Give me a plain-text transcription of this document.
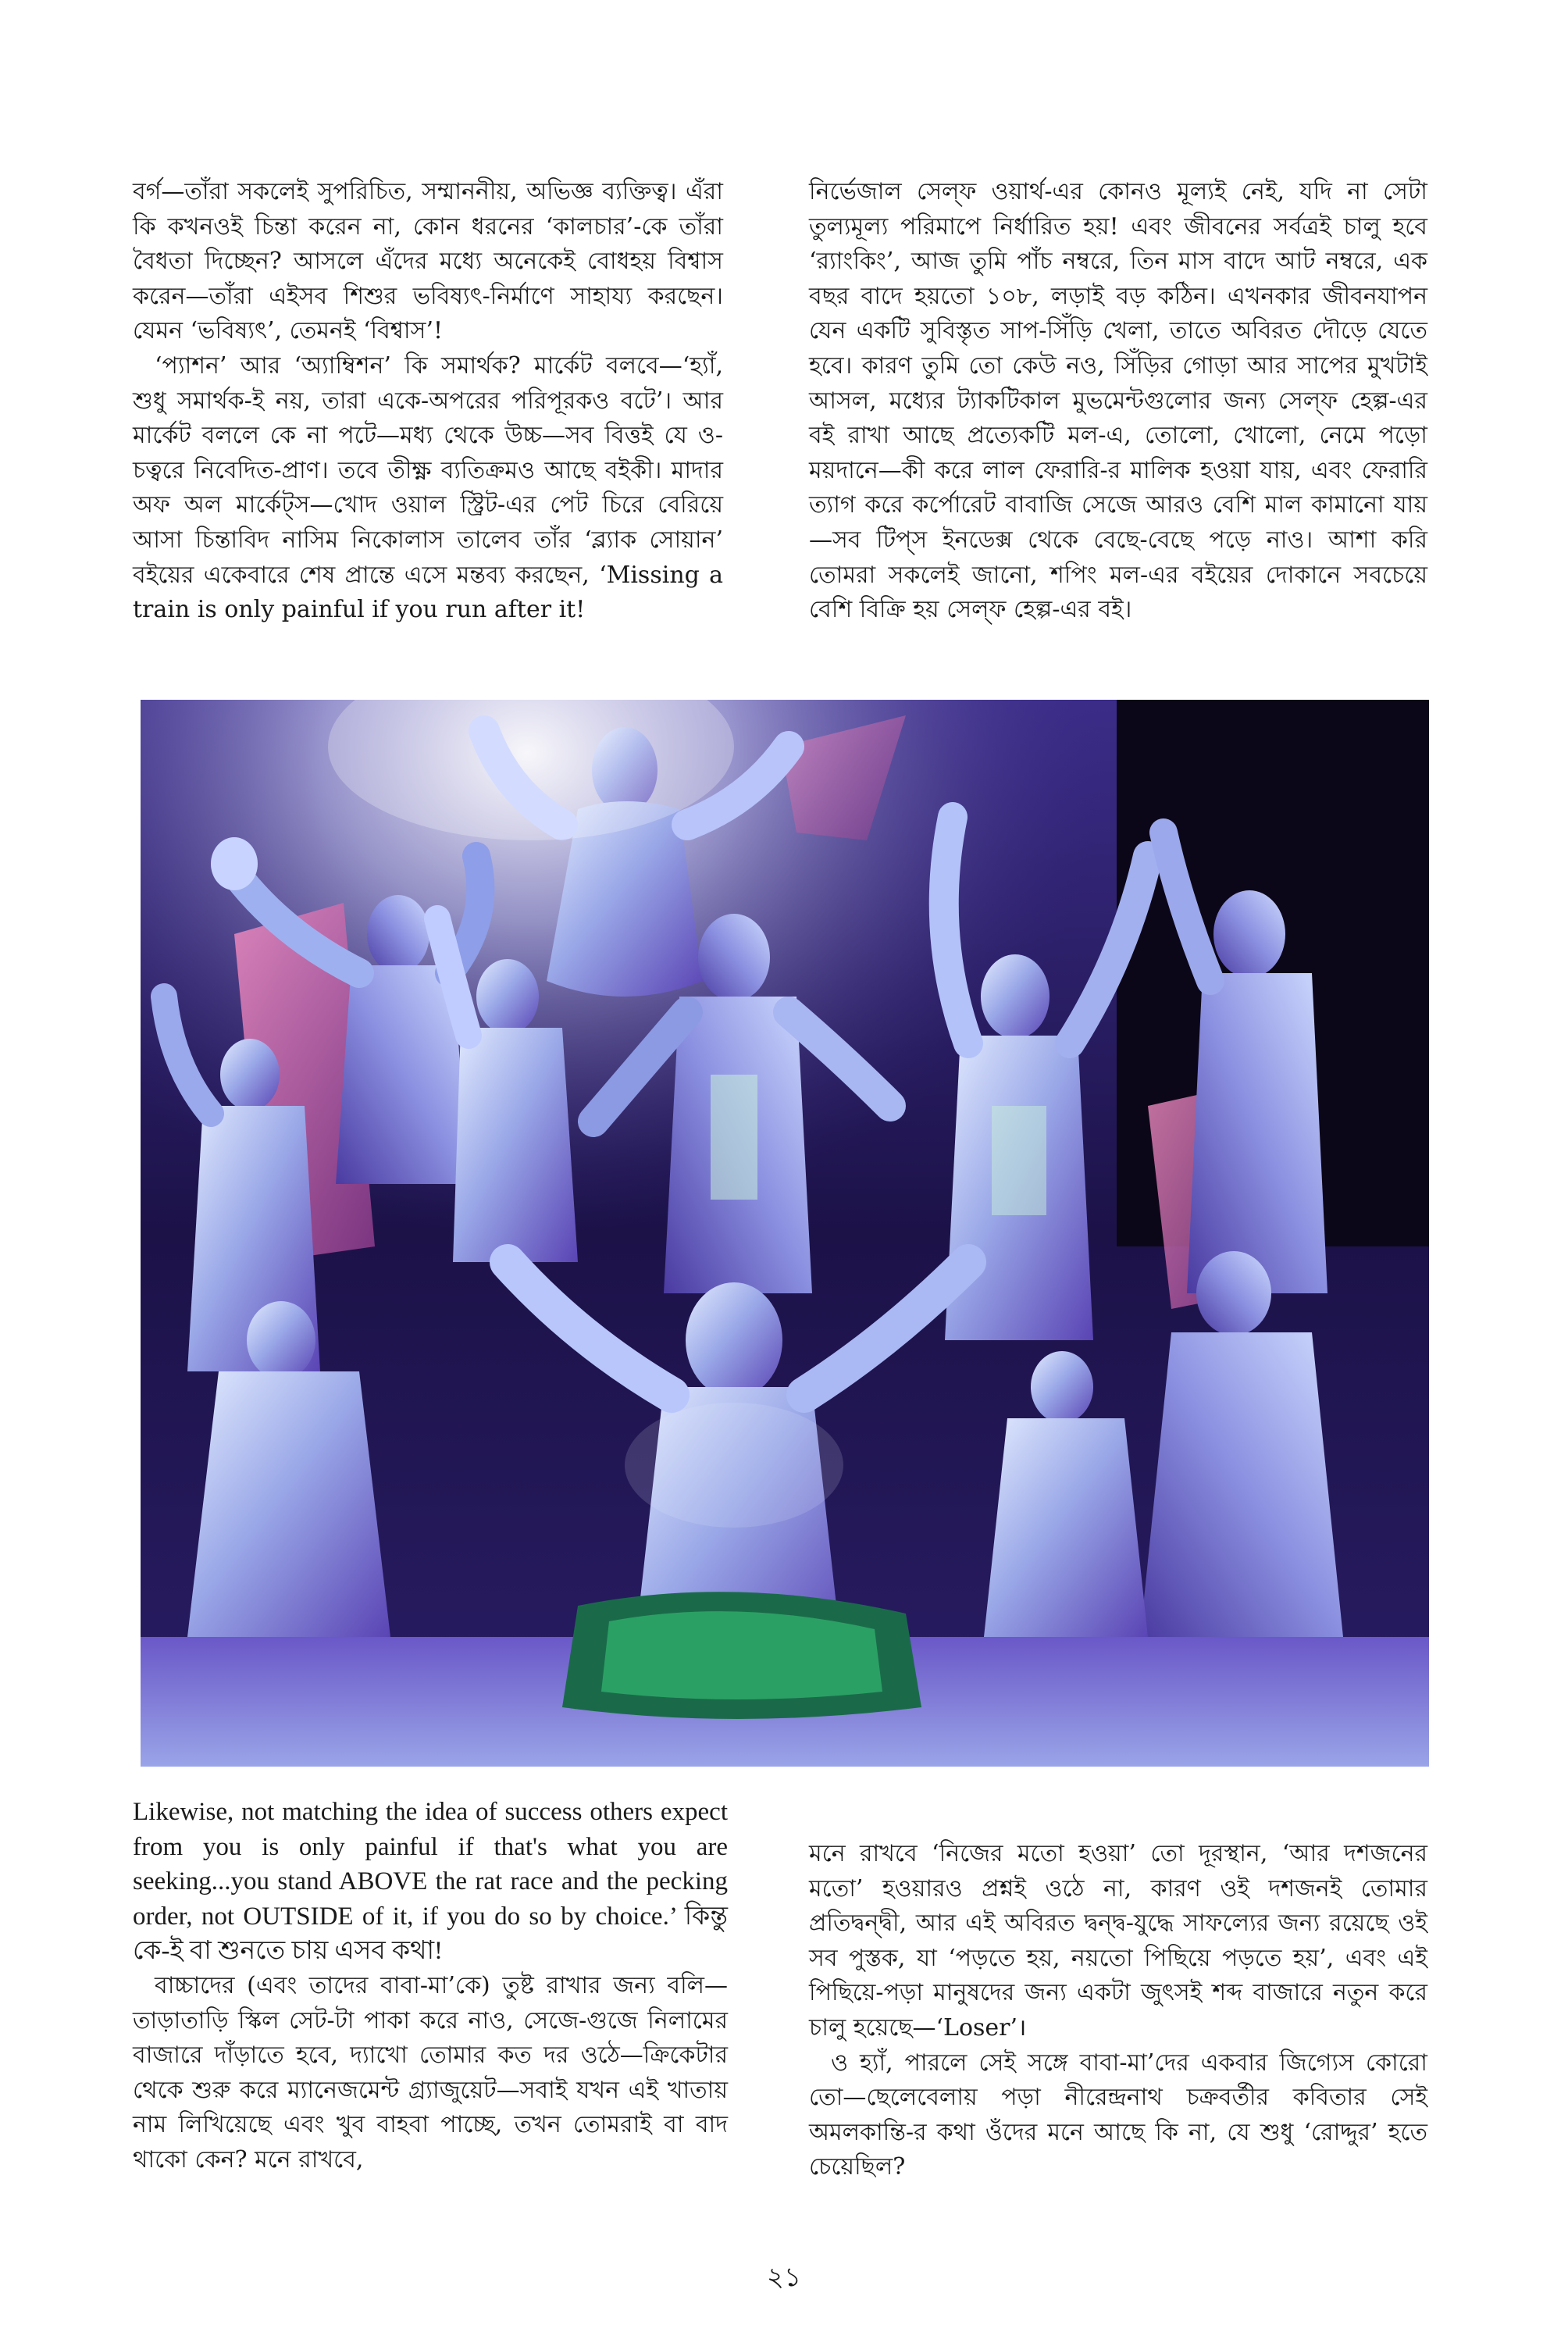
বর্গ—তাঁরা সকলেই সুপরিচিত, সম্মাননীয়, অভিজ্ঞ ব্যক্তিত্ব। এঁরা কি কখনওই চিন্তা করেন না, কোন ধরনের ‘কালচার’-কে তাঁরা বৈধতা দিচ্ছেন? আসলে এঁদের মধ্যে অনেকেই বোধহয় বিশ্বাস করেন—তাঁরা এইসব শিশুর ভবিষ্যৎ-নির্মাণে সাহায্য করছেন। যেমন ‘ভবিষ্যৎ’, তেমনই ‘বিশ্বাস’!

‘প্যাশন’ আর ‘অ্যাম্বিশন’ কি সমার্থক? মার্কেট বলবে—‘হ্যাঁ, শুধু সমার্থক-ই নয়, তারা একে-অপরের পরিপূরকও বটে’। আর মার্কেট বললে কে না পটে—মধ্য থেকে উচ্চ—সব বিত্তই যে ও-চত্বরে নিবেদিত-প্রাণ। তবে তীক্ষ্ণ ব্যতিক্রমও আছে বইকী। মাদার অফ অল মার্কেট্‌স—খোদ ওয়াল স্ট্রিট-এর পেট চিরে বেরিয়ে আসা চিন্তাবিদ নাসিম নিকোলাস তালেব তাঁর ‘ব্ল্যাক সোয়ান’ বইয়ের একেবারে শেষ প্রান্তে এসে মন্তব্য করছেন, ‘Missing a train is only painful if you run after it!

নির্ভেজাল সেল্‌ফ ওয়ার্থ-এর কোনও মূল্যই নেই, যদি না সেটা তুল্যমূল্য পরিমাপে নির্ধারিত হয়! এবং জীবনের সর্বত্রই চালু হবে ‘র‍্যাংকিং’, আজ তুমি পাঁচ নম্বরে, তিন মাস বাদে আট নম্বরে, এক বছর বাদে হয়তো ১০৮, লড়াই বড় কঠিন। এখনকার জীবনযাপন যেন একটি সুবিস্তৃত সাপ-সিঁড়ি খেলা, তাতে অবিরত দৌড়ে যেতে হবে। কারণ তুমি তো কেউ নও, সিঁড়ির গোড়া আর সাপের মুখটাই আসল, মধ্যের ট্যাকটিকাল মুভমেন্টগুলোর জন্য সেল্‌ফ হেল্প-এর বই রাখা আছে প্রত্যেকটি মল-এ, তোলো, খোলো, নেমে পড়ো ময়দানে—কী করে লাল ফেরারি-র মালিক হওয়া যায়, এবং ফেরারি ত্যাগ করে কর্পোরেট বাবাজি সেজে আরও বেশি মাল কামানো যায়—সব টিপ্‌স ইনডেক্স থেকে বেছে-বেছে পড়ে নাও। আশা করি তোমরা সকলেই জানো, শপিং মল-এর বইয়ের দোকানে সবচেয়ে বেশি বিক্রি হয় সেল্‌ফ হেল্প-এর বই।

Likewise, not matching the idea of success others expect from you is only painful if that's what you are seeking...you stand ABOVE the rat race and the pecking order, not OUTSIDE of it, if you do so by choice.’ কিন্তু কে-ই বা শুনতে চায় এসব কথা!

বাচ্চাদের (এবং তাদের বাবা-মা’কে) তুষ্ট রাখার জন্য বলি—তাড়াতাড়ি স্কিল সেট-টা পাকা করে নাও, সেজে-গুজে নিলামের বাজারে দাঁড়াতে হবে, দ্যাখো তোমার কত দর ওঠে—ক্রিকেটার থেকে শুরু করে ম্যানেজমেন্ট গ্র্যাজুয়েট—সবাই যখন এই খাতায় নাম লিখিয়েছে এবং খুব বাহবা পাচ্ছে, তখন তোমরাই বা বাদ থাকো কেন? মনে রাখবে,

মনে রাখবে ‘নিজের মতো হওয়া’ তো দূরস্থান, ‘আর দশজনের মতো’ হওয়ারও প্রশ্নই ওঠে না, কারণ ওই দশজনই তোমার প্রতিদ্বন্দ্বী, আর এই অবিরত দ্বন্দ্ব-যুদ্ধে সাফল্যের জন্য রয়েছে ওই সব পুস্তক, যা ‘পড়তে হয়, নয়তো পিছিয়ে পড়তে হয়’, এবং এই পিছিয়ে-পড়া মানুষদের জন্য একটা জুৎসই শব্দ বাজারে নতুন করে চালু হয়েছে—‘Loser’।

ও হ্যাঁ, পারলে সেই সঙ্গে বাবা-মা’দের একবার জিগ্যেস কোরো তো—ছেলেবেলায় পড়া নীরেন্দ্রনাথ চক্রবর্তীর কবিতার সেই অমলকান্তি-র কথা ওঁদের মনে আছে কি না, যে শুধু ‘রোদ্দুর’ হতে চেয়েছিল?

২১
